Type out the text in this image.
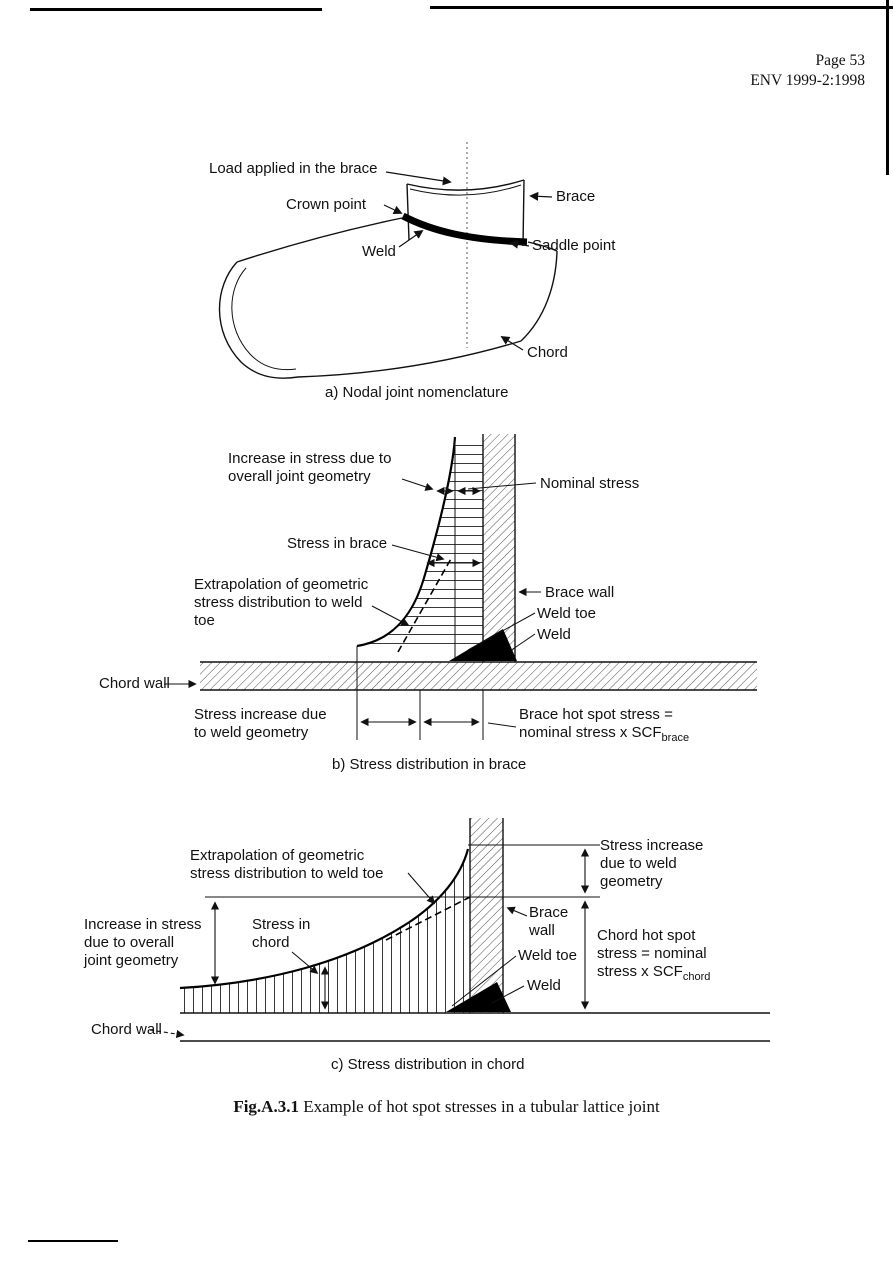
Page 53
ENV 1999-2:1998
Load applied in the brace
Crown point
Weld
Brace
Saddle point
Chord
a) Nodal joint nomenclature
Increase in stress due to
overall joint geometry	Nominal stress
Stress in brace
Extrapolation of geometric
stress distribution to weld
toe
Brace wall
Weld toe
Weld
Chord wall
Stress increase due
to weld geometry
Brace hot spot stress =
nominal stress x $SCF_{brace}$
b) Stress distribution in brace
Extrapolation of geometric
stress distribution to weld toe
Increase in stress
due to overall
joint geometry
Stress in
chord
Stress increase
due to weld
geometry
Brace
wall	Chord hot spot
stress = nominal
stress x $SCF_{chord}$
Weld toe
Weld
Chord wall
c) Stress distribution in chord
Fig.A.3.1 Example of hot spot stresses in a tubular lattice joint
